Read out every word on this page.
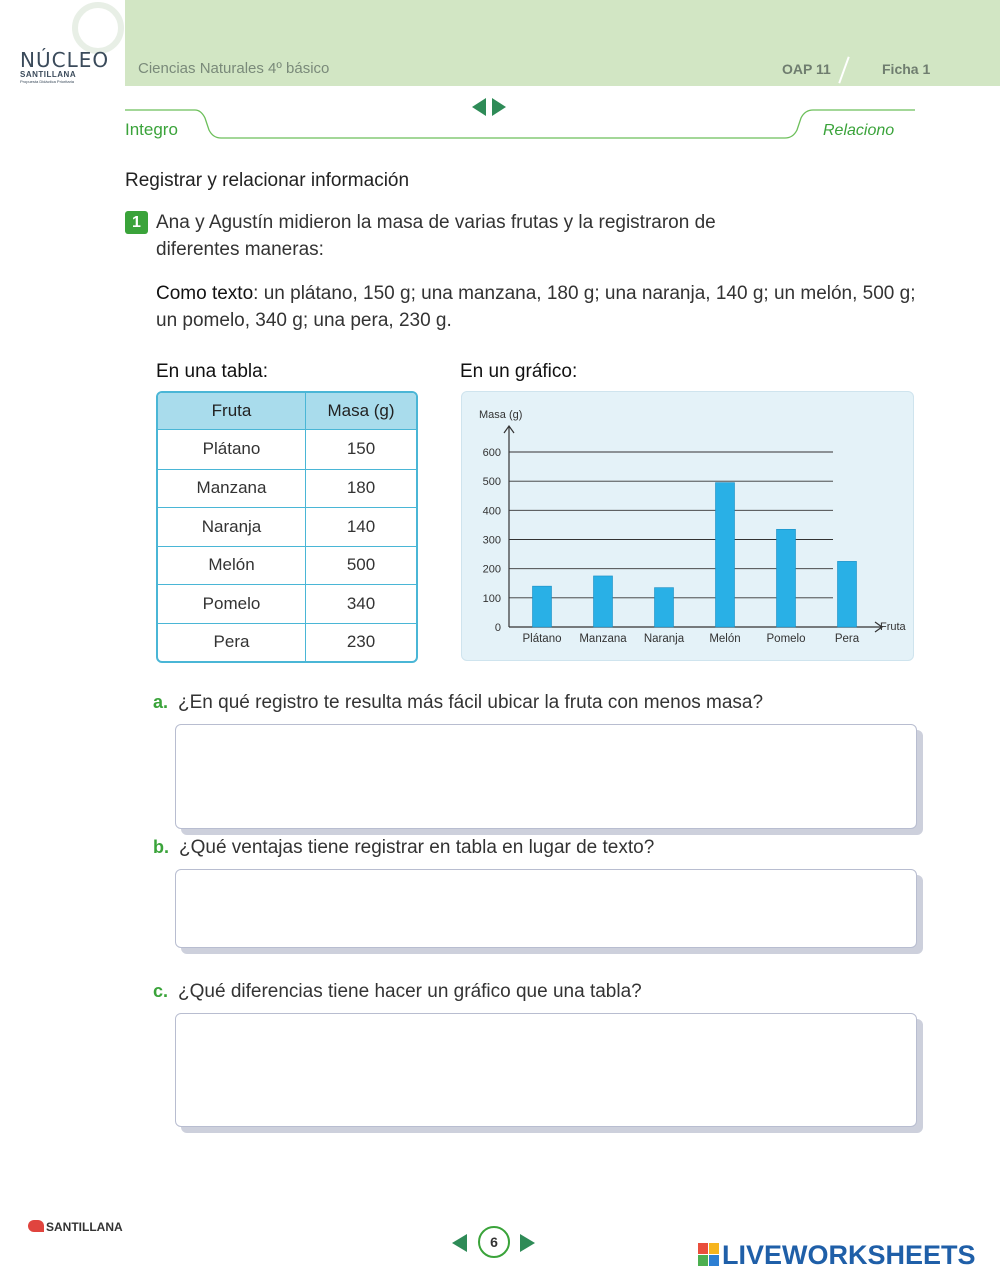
NÚCLEO
SANTILLANA
Propuesta Didáctica Prioritaria
Ciencias Naturales 4º básico	OAP 11	Ficha 1
Integro	Relaciono
Registrar y relacionar información
1 Ana y Agustín midieron la masa de varias frutas y la registraron de diferentes maneras:
Como texto: un plátano, 150 g; una manzana, 180 g; una naranja, 140 g; un melón, 500 g; un pomelo, 340 g; una pera, 230 g.
En una tabla:	En un gráfico:
Fruta	Masa (g)
Plátano	150
Manzana	180
Naranja	140
Melón	500
Pomelo	340
Pera	230
0
100
200
300
400
500
600
Masa (g)
Fruta
Plátano Manzana Naranja Melón Pomelo	Pera
a. ¿En qué registro te resulta más fácil ubicar la fruta con menos masa?
b. ¿Qué ventajas tiene registrar en tabla en lugar de texto?
c. ¿Qué diferencias tiene hacer un gráfico que una tabla?
SANTILLANA
6	LIVEWORKSHEETS
